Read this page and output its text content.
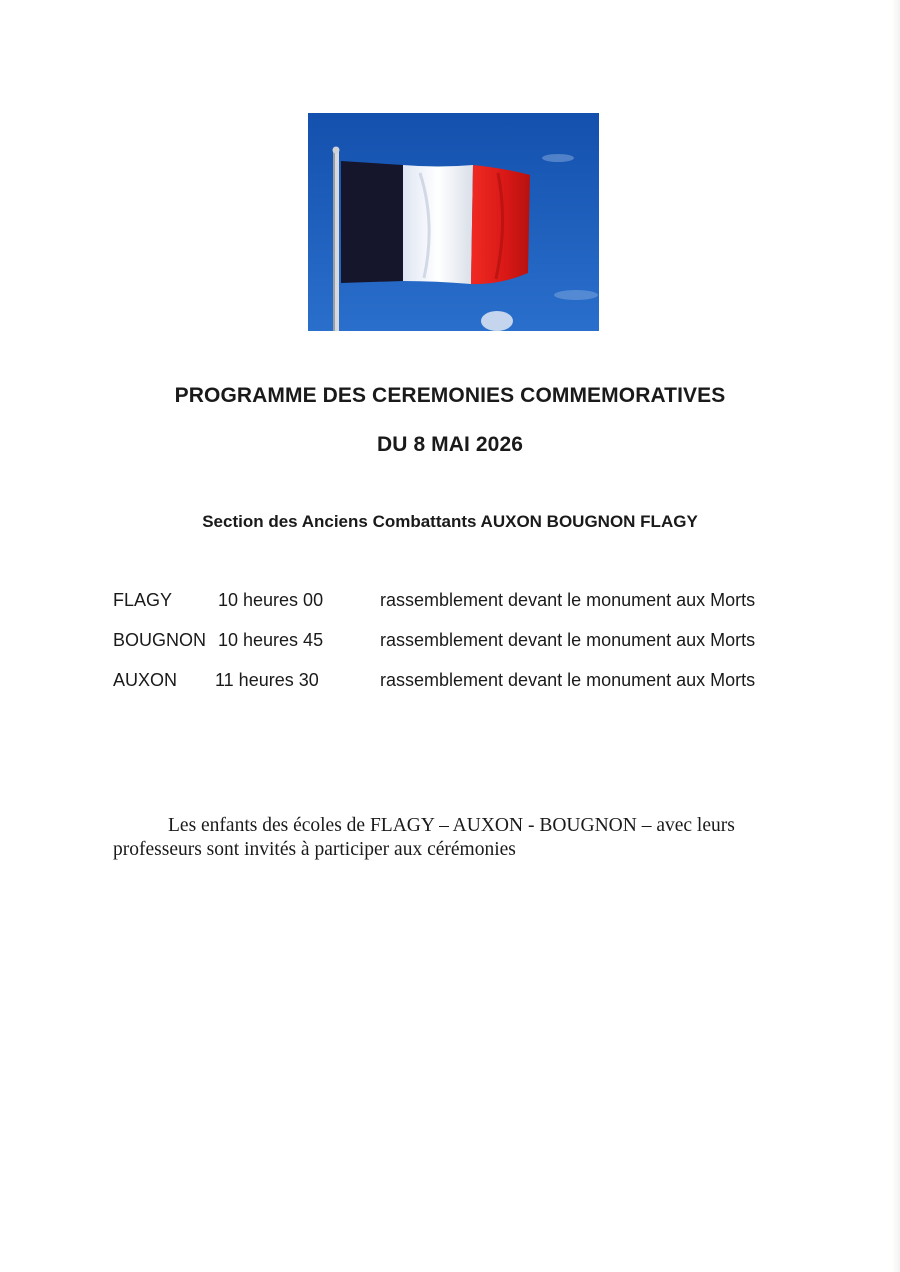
PROGRAMME DES CEREMONIES COMMEMORATIVES
DU 8 MAI 2026

Section des Anciens Combattants AUXON BOUGNON FLAGY

FLAGY	10 heures 00	rassemblement devant le monument aux Morts
BOUGNON 10 heures 45	rassemblement devant le monument aux Morts
AUXON 11 heures 30	rassemblement devant le monument aux Morts

Les enfants des écoles de FLAGY – AUXON - BOUGNON – avec leurs
professeurs sont invités à participer aux cérémonies
